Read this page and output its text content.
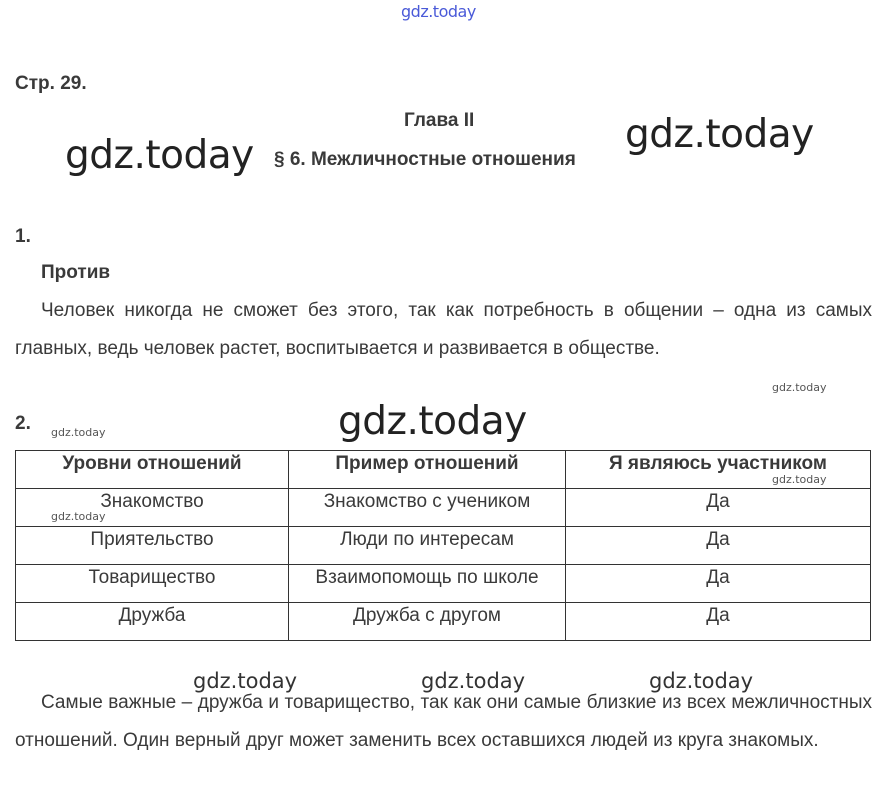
gdz.today
gdz.today	gdz.today
gdz.today
gdz.today
gdz.today
gdz.today
gdz.today
gdz.today	gdz.today	gdz.today
Стр. 29.
Глава II
§ 6. Межличностные отношения
1.
Против
Человек никогда не сможет без этого, так как потребность в общении – одна из самых главных, ведь человек растет, воспитывается и развивается в обществе.
2.
Уровни отношений	Пример отношений	Я являюсь участником
Знакомство	Знакомство с учеником	Да
Приятельство	Люди по интересам	Да
Товарищество	Взаимопомощь по школе	Да
Дружба	Дружба с другом	Да
Самые важные – дружба и товарищество, так как они самые близкие из всех межличностных отношений. Один верный друг может заменить всех оставшихся людей из круга знакомых.
